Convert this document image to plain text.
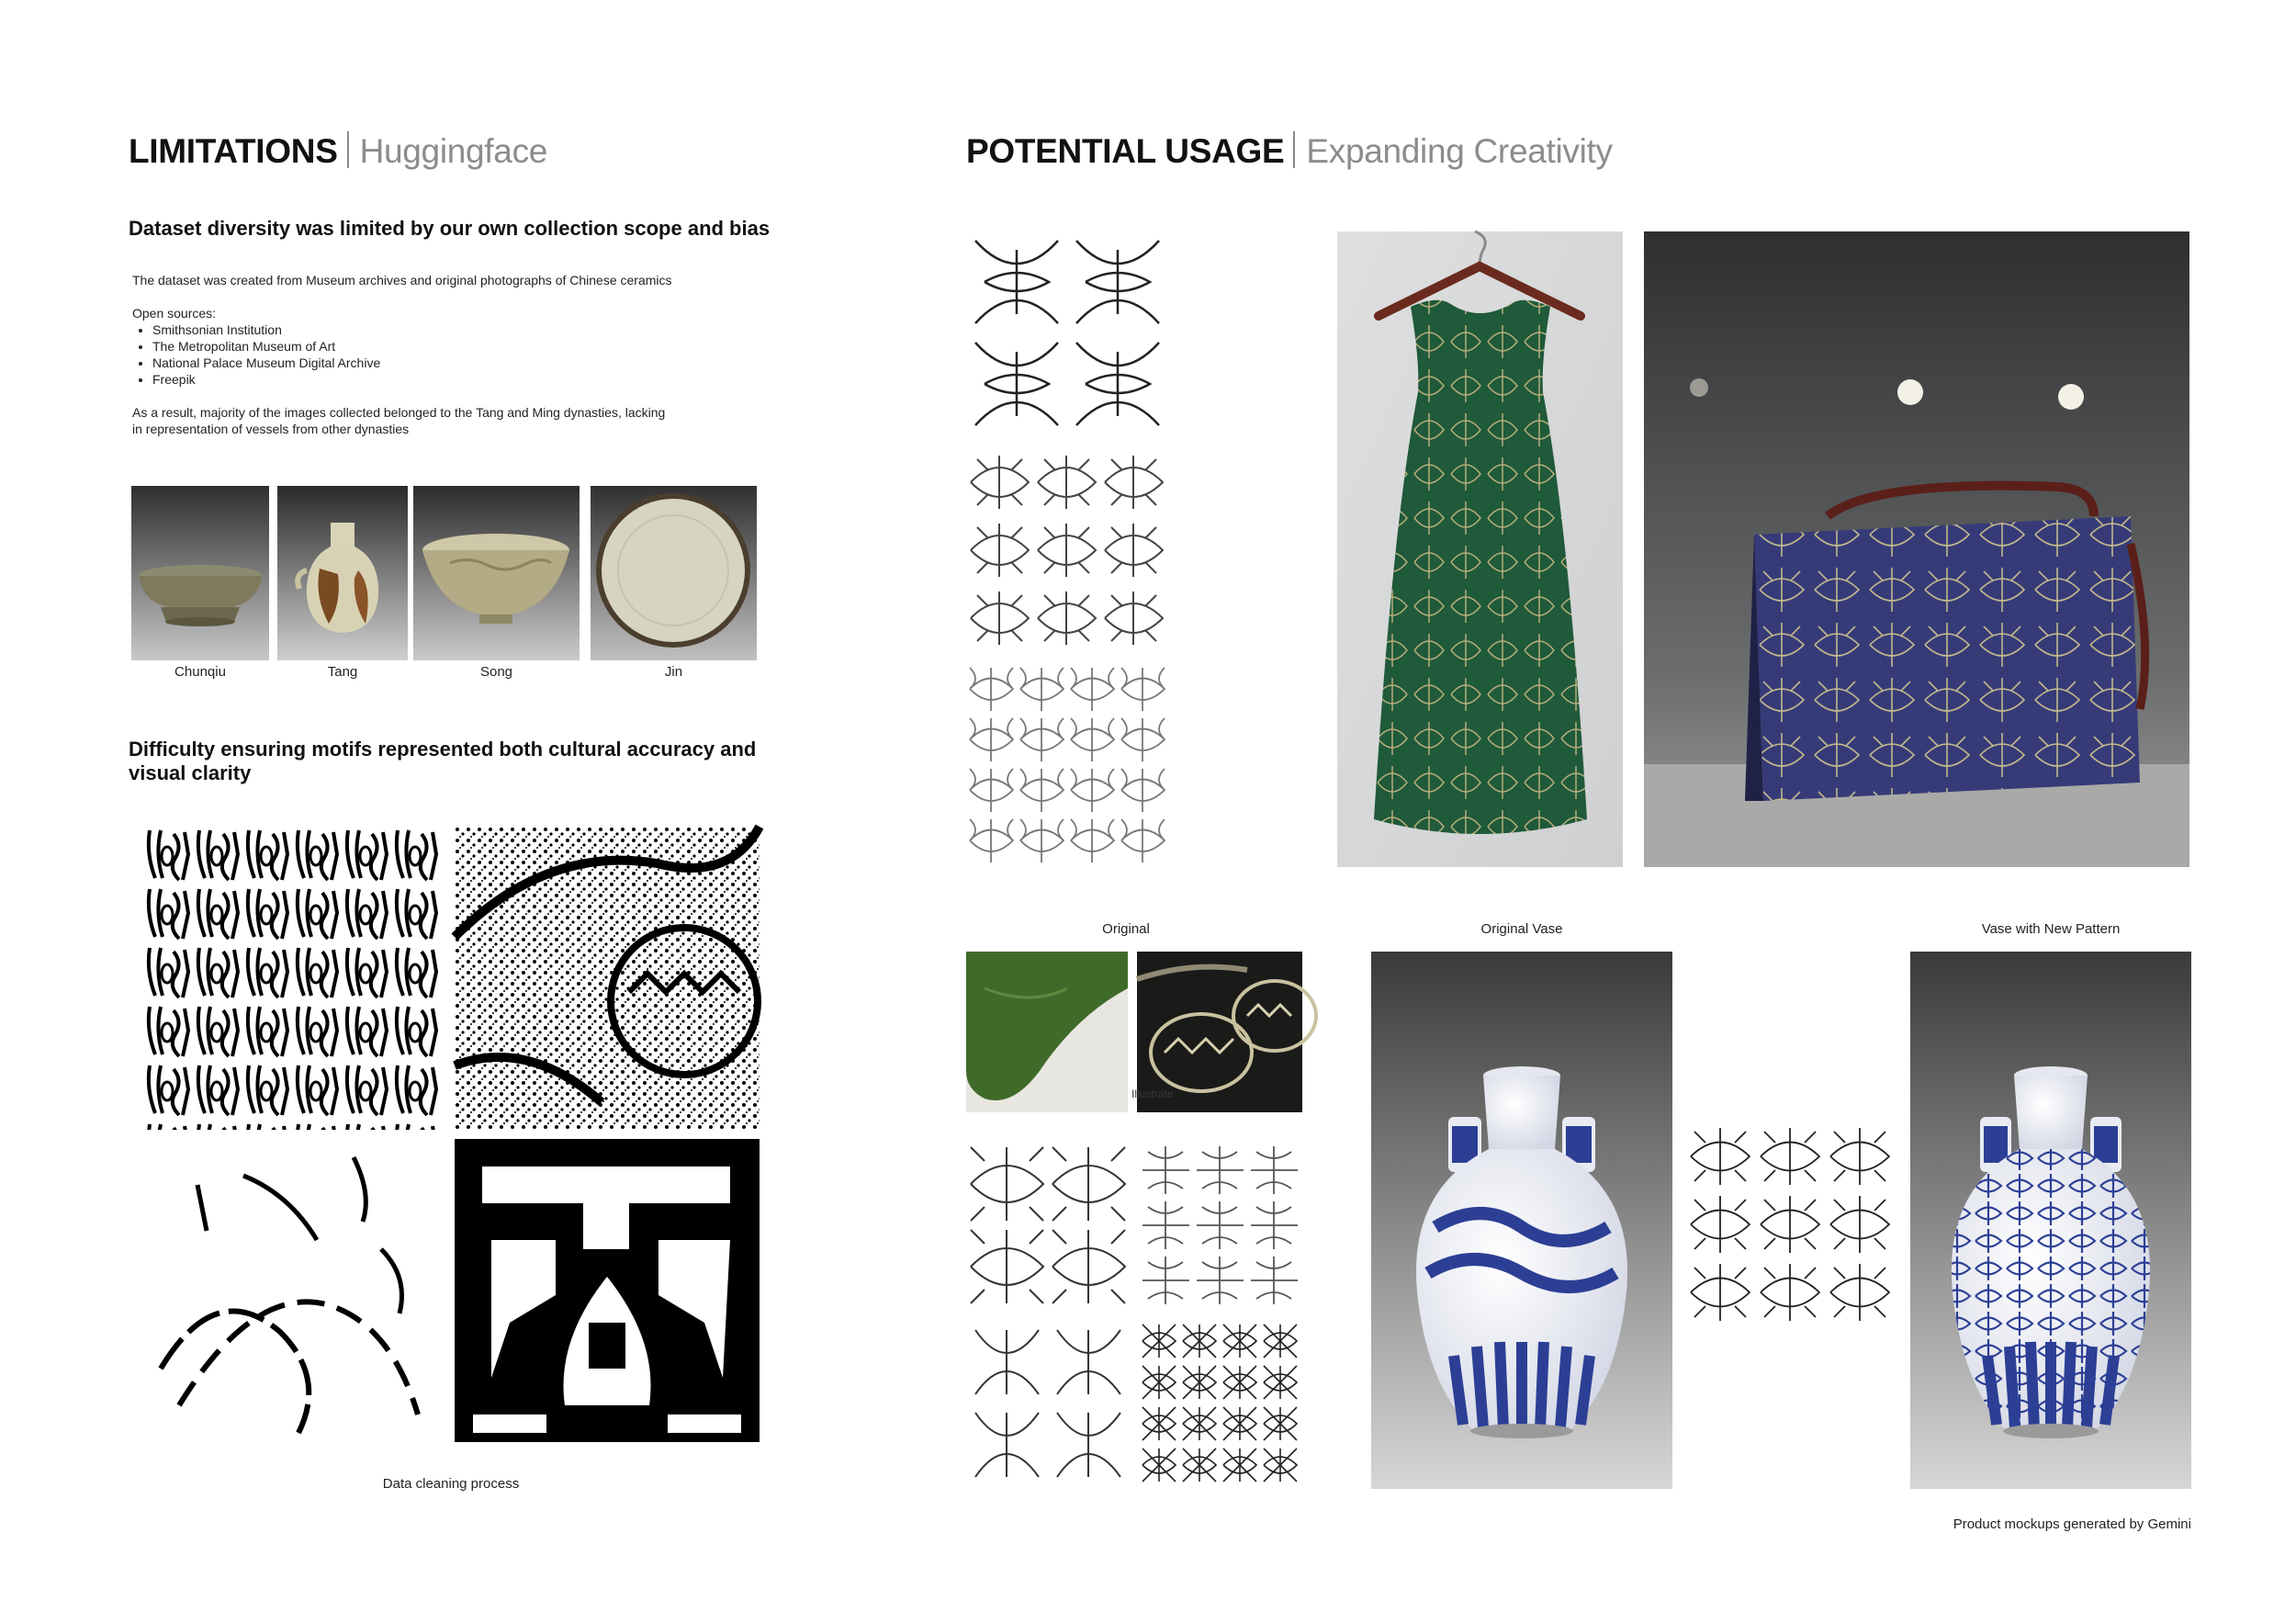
LIMITATIONS Huggingface
Dataset diversity was limited by our own collection scope and bias
The dataset was created from Museum archives and original photographs of Chinese ceramics
Open sources:
• Smithsonian Institution
• The Metropolitan Museum of Art
• National Palace Museum Digital Archive
• Freepik
As a result, majority of the images collected belonged to the Tang and Ming dynasties, lacking
in representation of vessels from other dynasties
Chunqiu	Tang	Song	Jin
Difficulty ensuring motifs represented both cultural accuracy and
visual clarity
Data cleaning process
POTENTIAL USAGE Expanding Creativity
Original	Original Vase	Vase with New Pattern
Illustrate
Product mockups generated by Gemini
